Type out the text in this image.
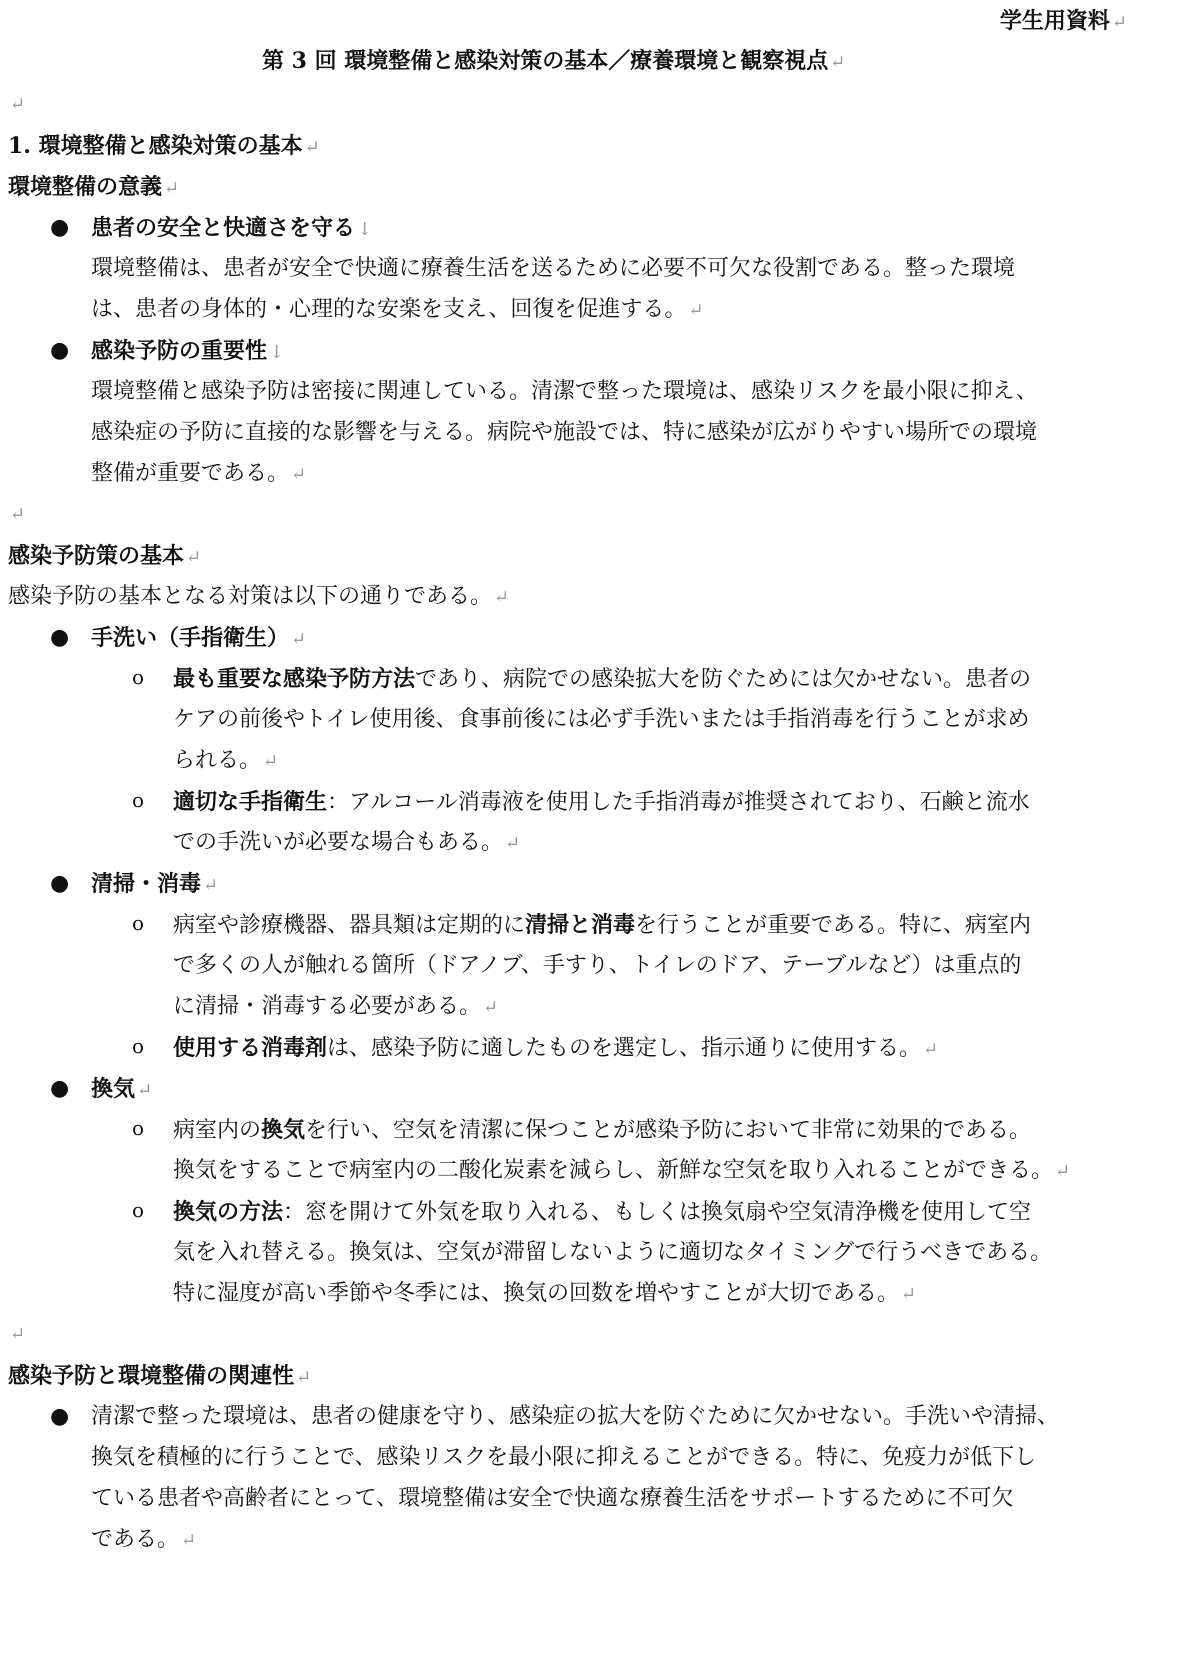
学生用資料 ↵
第 3 回 環境整備と感染対策の基本／療養環境と観察視点 ↵
↵
1. 環境整備と感染対策の基本 ↵
環境整備の意義 ↵
● 患者の安全と快適さを守る ↓
環境整備は、患者が安全で快適に療養生活を送るために必要不可欠な役割である。整った環境
は、患者の身体的・心理的な安楽を支え、回復を促進する。 ↵
● 感染予防の重要性 ↓
環境整備と感染予防は密接に関連している。清潔で整った環境は、感染リスクを最小限に抑え、
感染症の予防に直接的な影響を与える。病院や施設では、特に感染が広がりやすい場所での環境
整備が重要である。 ↵
↵
感染予防策の基本 ↵
感染予防の基本となる対策は以下の通りである。 ↵
● 手洗い（手指衛生） ↵
o 最も重要な感染予防方法であり、病院での感染拡大を防ぐためには欠かせない。患者の
ケアの前後やトイレ使用後、食事前後には必ず手洗いまたは手指消毒を行うことが求め
られる。 ↵
o 適切な手指衛生：アルコール消毒液を使用した手指消毒が推奨されており、石鹸と流水
での手洗いが必要な場合もある。 ↵
● 清掃・消毒 ↵
o 病室や診療機器、器具類は定期的に清掃と消毒を行うことが重要である。特に、病室内
で多くの人が触れる箇所（ドアノブ、手すり、トイレのドア、テーブルなど）は重点的
に清掃・消毒する必要がある。 ↵
o 使用する消毒剤は、感染予防に適したものを選定し、指示通りに使用する。 ↵
● 換気 ↵
o 病室内の換気を行い、空気を清潔に保つことが感染予防において非常に効果的である。
換気をすることで病室内の二酸化炭素を減らし、新鮮な空気を取り入れることができる。 ↵
o 換気の方法：窓を開けて外気を取り入れる、もしくは換気扇や空気清浄機を使用して空
気を入れ替える。換気は、空気が滞留しないように適切なタイミングで行うべきである。
特に湿度が高い季節や冬季には、換気の回数を増やすことが大切である。 ↵
↵
感染予防と環境整備の関連性 ↵
● 清潔で整った環境は、患者の健康を守り、感染症の拡大を防ぐために欠かせない。手洗いや清掃、
換気を積極的に行うことで、感染リスクを最小限に抑えることができる。特に、免疫力が低下し
ている患者や高齢者にとって、環境整備は安全で快適な療養生活をサポートするために不可欠
である。 ↵
